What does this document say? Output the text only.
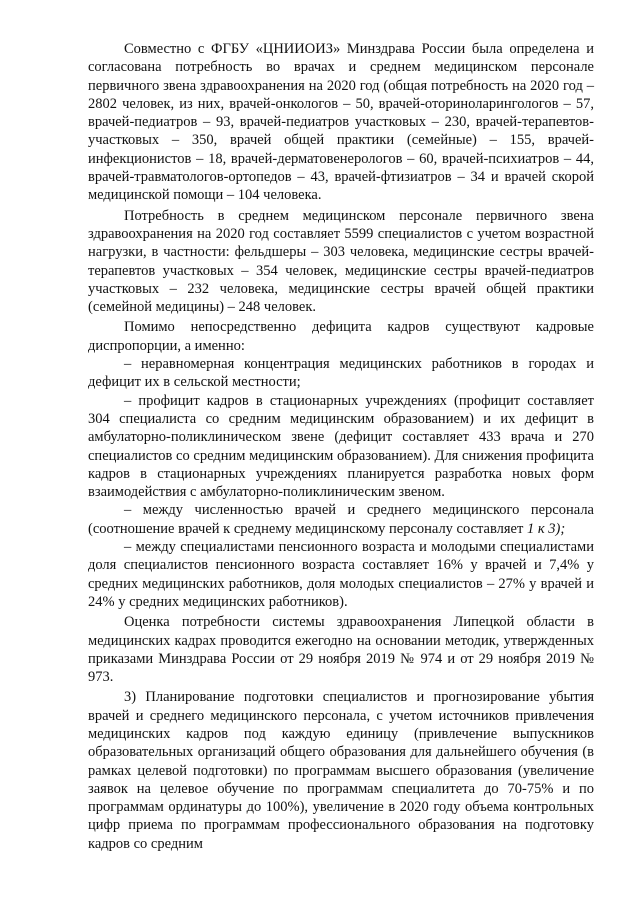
Совместно с ФГБУ «ЦНИИОИЗ» Минздрава России была определена и согласована потребность во врачах и среднем медицинском персонале первичного звена здравоохранения на 2020 год (общая потребность на 2020 год – 2802 человек, из них, врачей-онкологов – 50, врачей-оториноларингологов – 57, врачей-педиатров – 93, врачей-педиатров участковых – 230, врачей-терапевтов-участковых – 350, врачей общей практики (семейные) – 155, врачей-инфекционистов – 18, врачей-дерматовенерологов – 60, врачей-психиатров – 44, врачей-травматологов-ортопедов – 43, врачей-фтизиатров – 34 и врачей скорой медицинской помощи – 104 человека.

Потребность в среднем медицинском персонале первичного звена здравоохранения на 2020 год составляет 5599 специалистов с учетом возрастной нагрузки, в частности: фельдшеры – 303 человека, медицинские сестры врачей-терапевтов участковых – 354 человек, медицинские сестры врачей-педиатров участковых – 232 человека, медицинские сестры врачей общей практики (семейной медицины) – 248 человек.

Помимо непосредственно дефицита кадров существуют кадровые диспропорции, а именно:

– неравномерная концентрация медицинских работников в городах и дефицит их в сельской местности;

– профицит кадров в стационарных учреждениях (профицит составляет 304 специалиста со средним медицинским образованием) и их дефицит в амбулаторно-поликлиническом звене (дефицит составляет 433 врача и 270 специалистов со средним медицинским образованием). Для снижения профицита кадров в стационарных учреждениях планируется разработка новых форм взаимодействия с амбулаторно-поликлиническим звеном.

– между численностью врачей и среднего медицинского персонала (соотношение врачей к среднему медицинскому персоналу составляет 1 к 3);

– между специалистами пенсионного возраста и молодыми специалистами доля специалистов пенсионного возраста составляет 16% у врачей и 7,4% у средних медицинских работников, доля молодых специалистов – 27% у врачей и 24% у средних медицинских работников).

Оценка потребности системы здравоохранения Липецкой области в медицинских кадрах проводится ежегодно на основании методик, утвержденных приказами Минздрава России от 29 ноября 2019 № 974 и от 29 ноября 2019 № 973.

3) Планирование подготовки специалистов и прогнозирование убытия врачей и среднего медицинского персонала, с учетом источников привлечения медицинских кадров под каждую единицу (привлечение выпускников образовательных организаций общего образования для дальнейшего обучения (в рамках целевой подготовки) по программам высшего образования (увеличение заявок на целевое обучение по программам специалитета до 70-75% и по программам ординатуры до 100%), увеличение в 2020 году объема контрольных цифр приема по программам профессионального образования на подготовку кадров со средним
